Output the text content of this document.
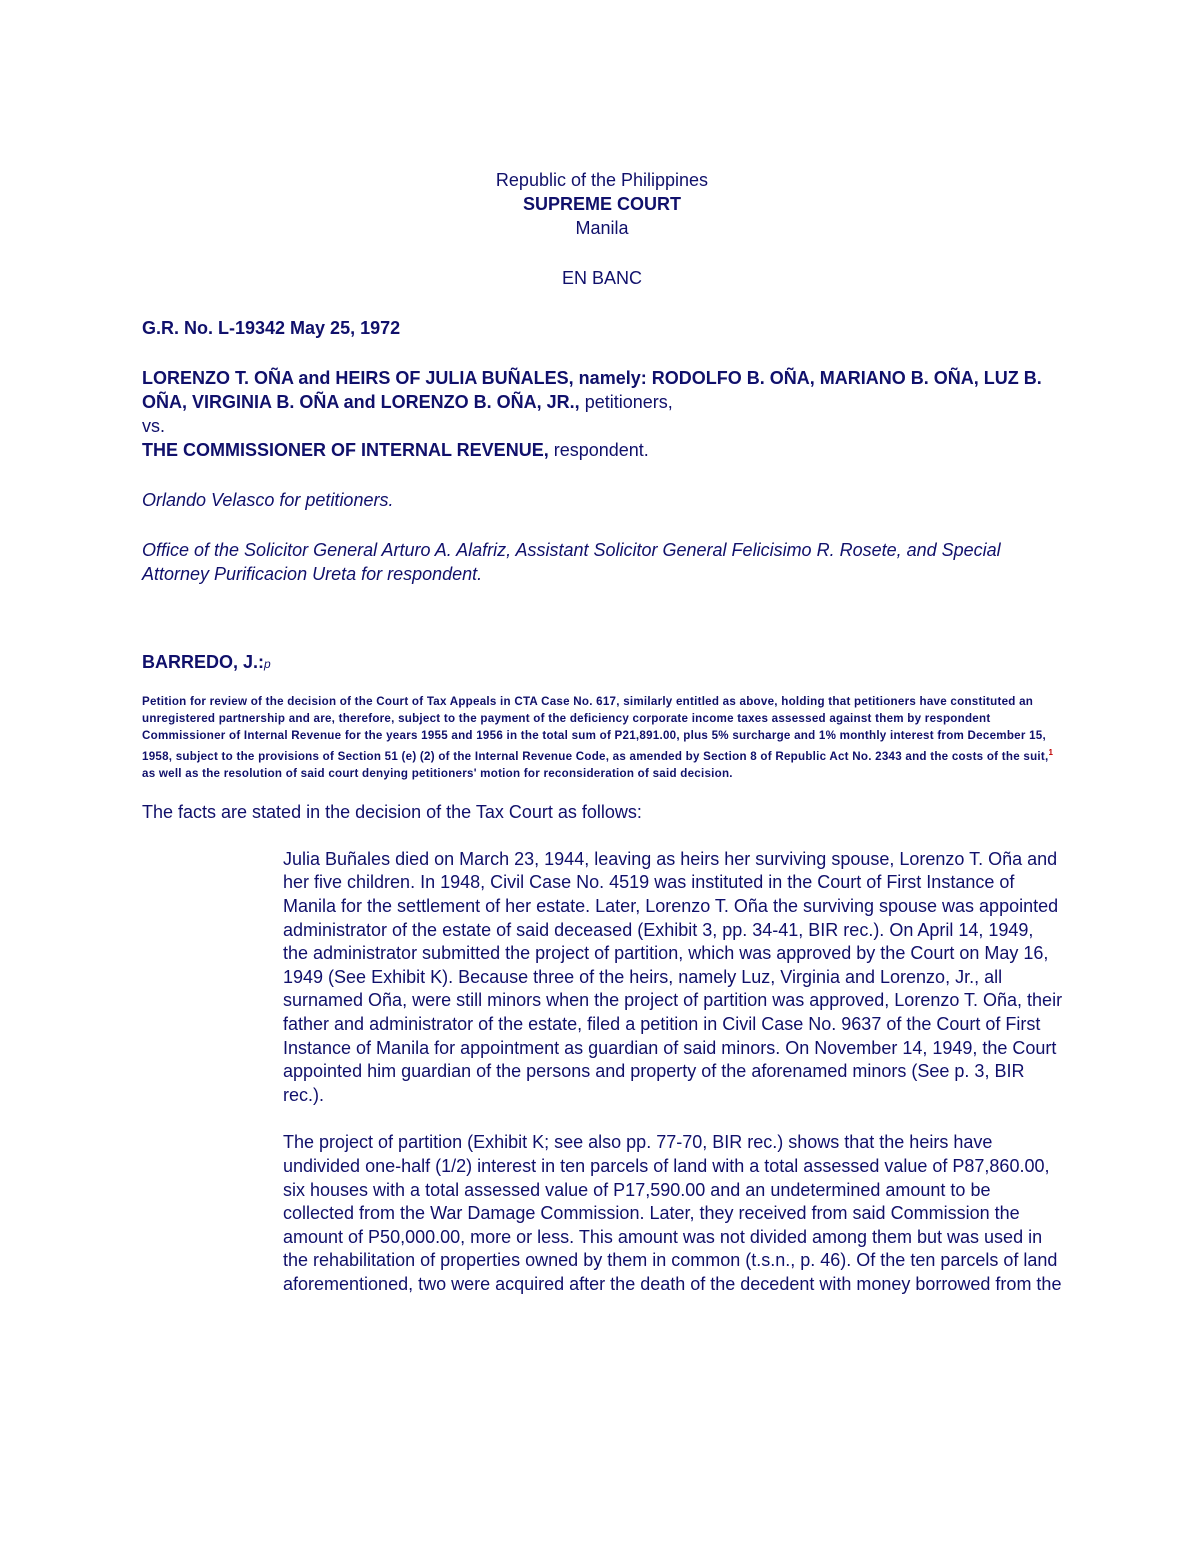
Republic of the Philippines
SUPREME COURT
Manila
EN BANC
G.R. No. L-19342 May 25, 1972
LORENZO T. OÑA and HEIRS OF JULIA BUÑALES, namely: RODOLFO B. OÑA, MARIANO B. OÑA, LUZ B. OÑA, VIRGINIA B. OÑA and LORENZO B. OÑA, JR., petitioners,
vs.
THE COMMISSIONER OF INTERNAL REVENUE, respondent.
Orlando Velasco for petitioners.
Office of the Solicitor General Arturo A. Alafriz, Assistant Solicitor General Felicisimo R. Rosete, and Special Attorney Purificacion Ureta for respondent.
BARREDO, J.:p

Petition for review of the decision of the Court of Tax Appeals in CTA Case No. 617, similarly entitled as above, holding that petitioners have constituted an unregistered partnership and are, therefore, subject to the payment of the deficiency corporate income taxes assessed against them by respondent Commissioner of Internal Revenue for the years 1955 and 1956 in the total sum of P21,891.00, plus 5% surcharge and 1% monthly interest from December 15, 1958, subject to the provisions of Section 51 (e) (2) of the Internal Revenue Code, as amended by Section 8 of Republic Act No. 2343 and the costs of the suit,$^1$ as well as the resolution of said court denying petitioners' motion for reconsideration of said decision.

The facts are stated in the decision of the Tax Court as follows:

Julia Buñales died on March 23, 1944, leaving as heirs her surviving spouse, Lorenzo T. Oña and her five children. In 1948, Civil Case No. 4519 was instituted in the Court of First Instance of Manila for the settlement of her estate. Later, Lorenzo T. Oña the surviving spouse was appointed administrator of the estate of said deceased (Exhibit 3, pp. 34-41, BIR rec.). On April 14, 1949, the administrator submitted the project of partition, which was approved by the Court on May 16, 1949 (See Exhibit K). Because three of the heirs, namely Luz, Virginia and Lorenzo, Jr., all surnamed Oña, were still minors when the project of partition was approved, Lorenzo T. Oña, their father and administrator of the estate, filed a petition in Civil Case No. 9637 of the Court of First Instance of Manila for appointment as guardian of said minors. On November 14, 1949, the Court appointed him guardian of the persons and property of the aforenamed minors (See p. 3, BIR rec.).

The project of partition (Exhibit K; see also pp. 77-70, BIR rec.) shows that the heirs have undivided one-half (1/2) interest in ten parcels of land with a total assessed value of P87,860.00, six houses with a total assessed value of P17,590.00 and an undetermined amount to be collected from the War Damage Commission. Later, they received from said Commission the amount of P50,000.00, more or less. This amount was not divided among them but was used in the rehabilitation of properties owned by them in common (t.s.n., p. 46). Of the ten parcels of land aforementioned, two were acquired after the death of the decedent with money borrowed from the
